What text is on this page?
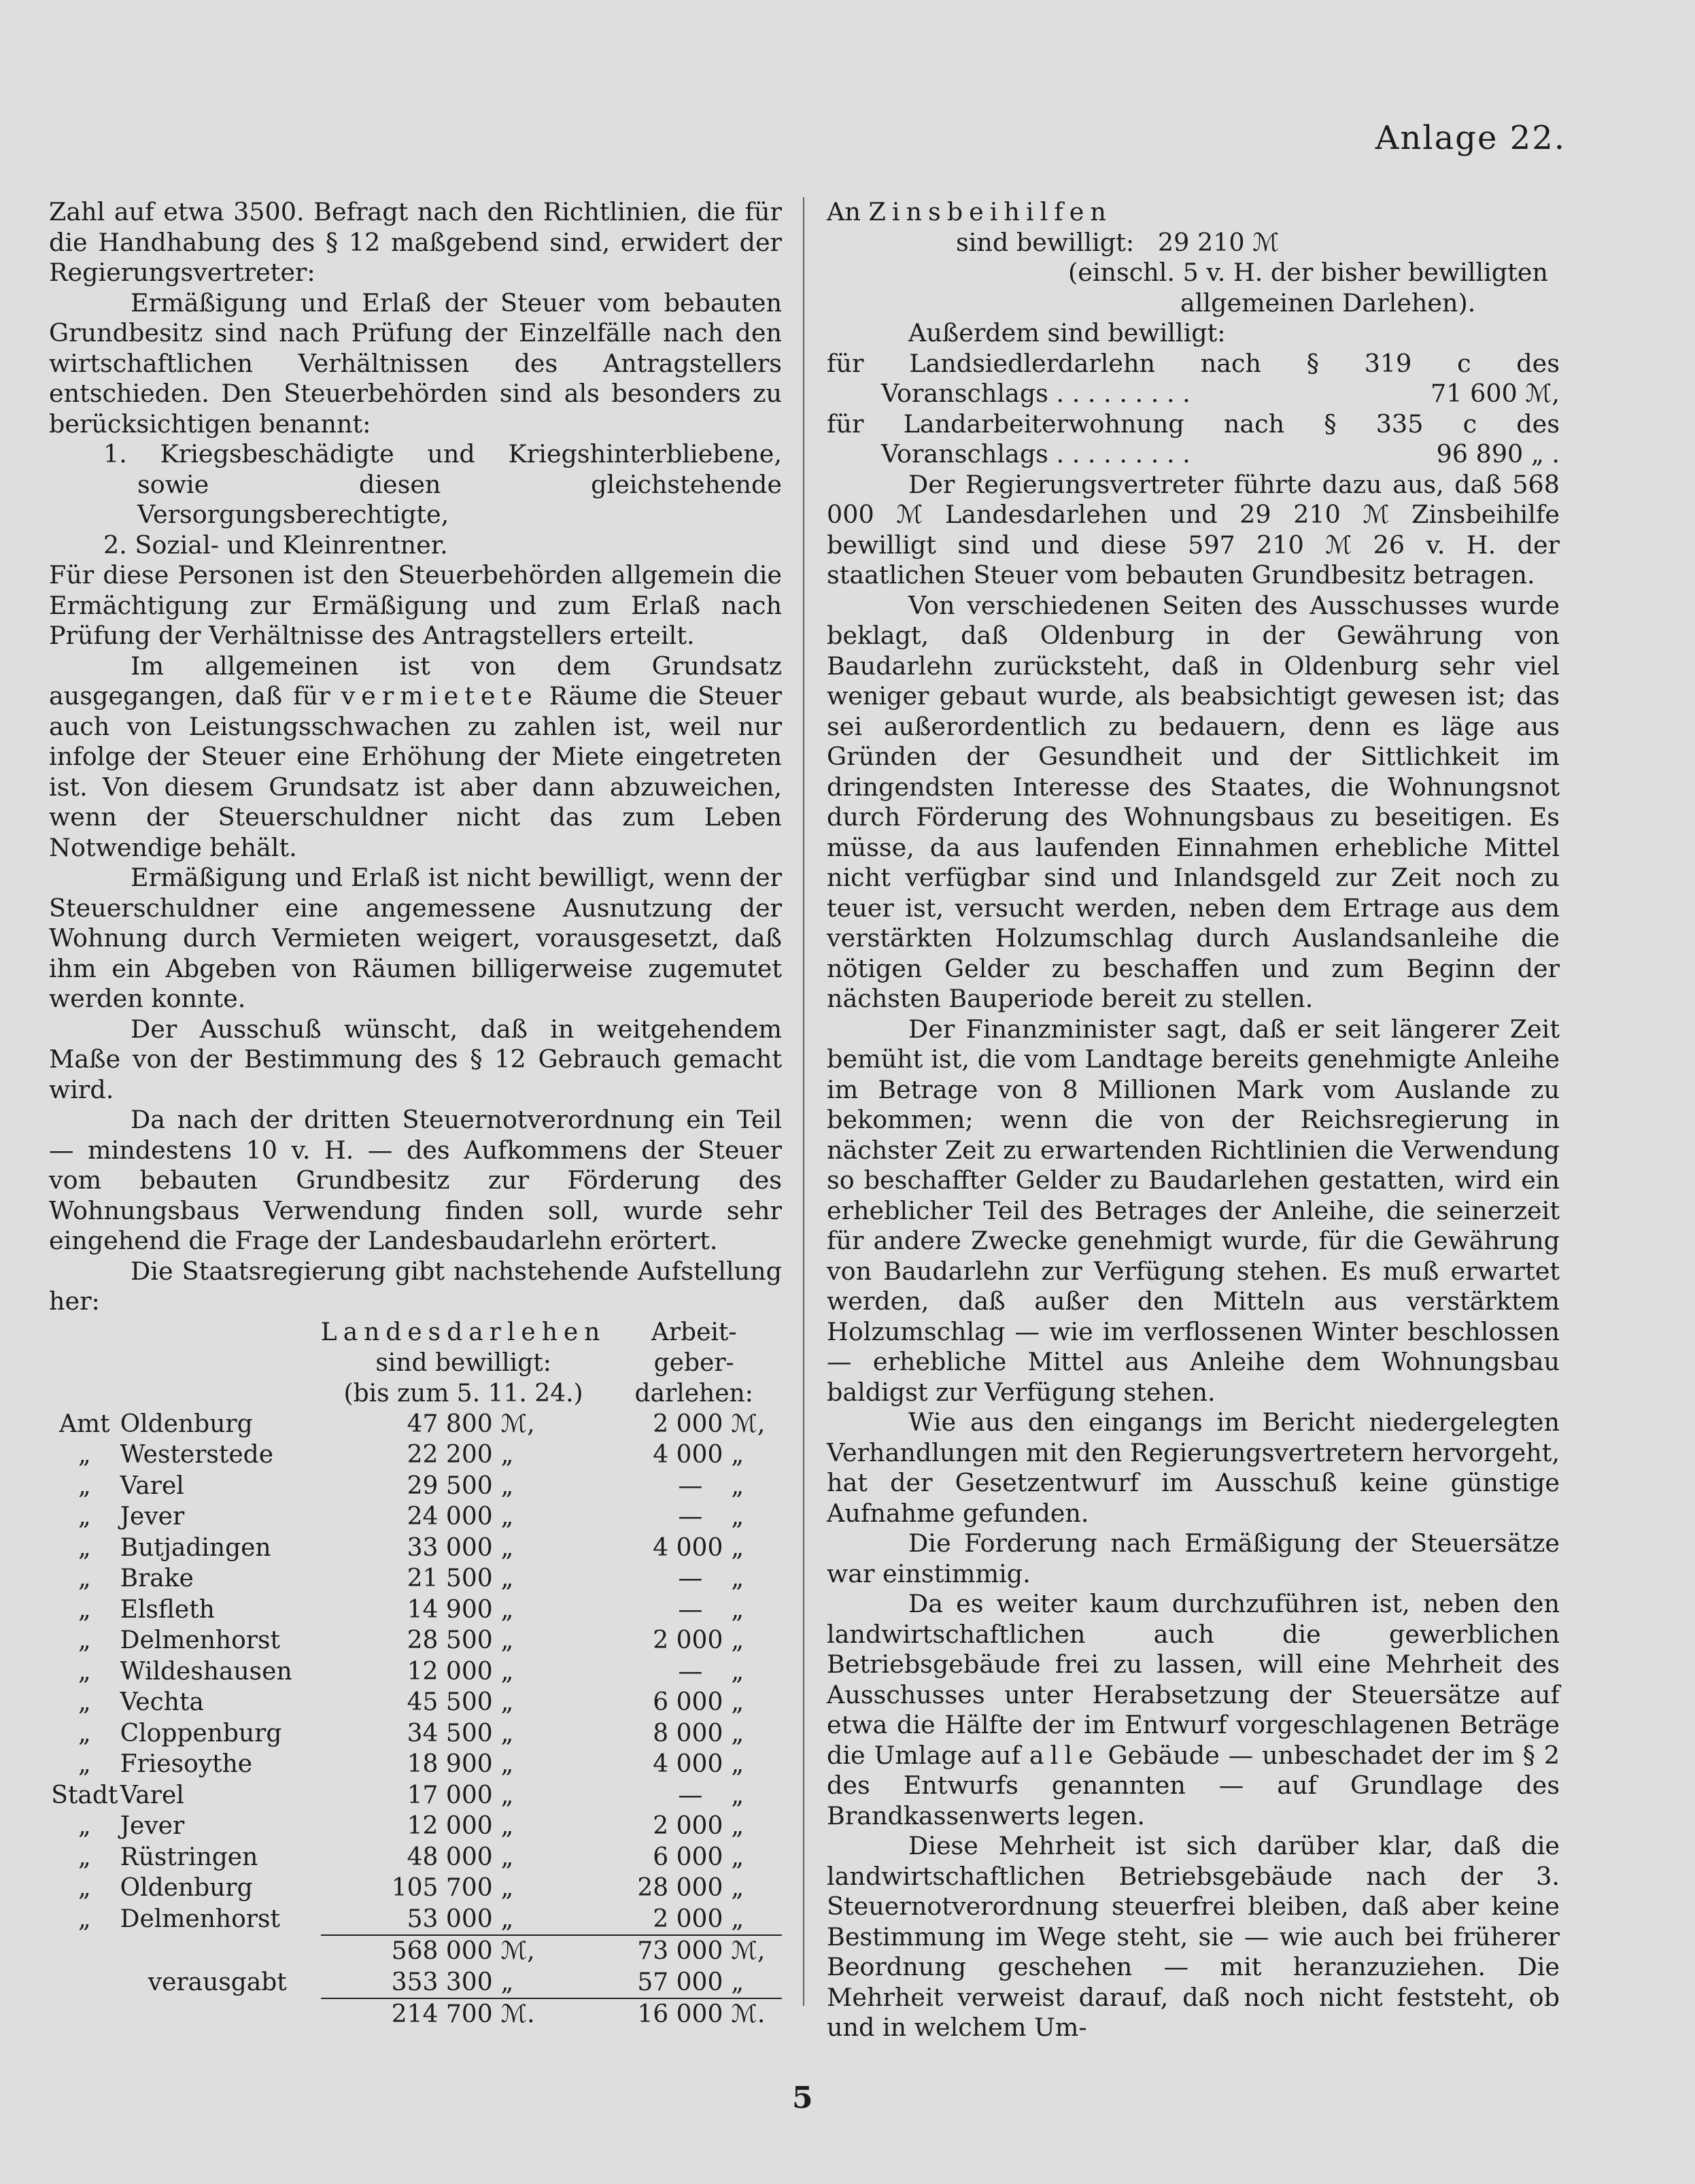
Anlage 22.

Zahl auf etwa 3500. Befragt nach den Richtlinien, die für die Handhabung des § 12 maßgebend sind, erwidert der Regierungsvertreter:

Ermäßigung und Erlaß der Steuer vom bebauten Grundbesitz sind nach Prüfung der Einzelfälle nach den wirtschaftlichen Verhältnissen des Antragstellers entschieden. Den Steuerbehörden sind als besonders zu berücksichtigen benannt:

1. Kriegsbeschädigte und Kriegshinterbliebene, sowie diesen gleichstehende Versorgungsberechtigte,
2. Sozial- und Kleinrentner.

Für diese Personen ist den Steuerbehörden allgemein die Ermächtigung zur Ermäßigung und zum Erlaß nach Prüfung der Verhältnisse des Antragstellers erteilt.

Im allgemeinen ist von dem Grundsatz ausgegangen, daß für vermietete Räume die Steuer auch von Leistungsschwachen zu zahlen ist, weil nur infolge der Steuer eine Erhöhung der Miete eingetreten ist. Von diesem Grundsatz ist aber dann abzuweichen, wenn der Steuerschuldner nicht das zum Leben Notwendige behält.

Ermäßigung und Erlaß ist nicht bewilligt, wenn der Steuerschuldner eine angemessene Ausnutzung der Wohnung durch Vermieten weigert, vorausgesetzt, daß ihm ein Abgeben von Räumen billigerweise zugemutet werden konnte.

Der Ausschuß wünscht, daß in weitgehendem Maße von der Bestimmung des § 12 Gebrauch gemacht wird.

Da nach der dritten Steuernotverordnung ein Teil — mindestens 10 v. H. — des Aufkommens der Steuer vom bebauten Grundbesitz zur Förderung des Wohnungsbaus Verwendung finden soll, wurde sehr eingehend die Frage der Landesbaudarlehn erörtert.

Die Staatsregierung gibt nachstehende Aufstellung her:

		Landesdarlehen		Arbeit-	
		sind bewilligt:		geber-	
		(bis zum 5. 11. 24.)		darlehen:	
Amt	Oldenburg	47 800	ℳ,	2 000	ℳ,
„	Westerstede	22 200	„	4 000	„
„	Varel	29 500	„	—	„
„	Jever	24 000	„	—	„
„	Butjadingen	33 000	„	4 000	„
„	Brake	21 500	„	—	„
„	Elsfleth	14 900	„	—	„
„	Delmenhorst	28 500	„	2 000	„
„	Wildeshausen	12 000	„	—	„
„	Vechta	45 500	„	6 000	„
„	Cloppenburg	34 500	„	8 000	„
„	Friesoythe	18 900	„	4 000	„
Stadt	Varel	17 000	„	—	„
„	Jever	12 000	„	2 000	„
„	Rüstringen	48 000	„	6 000	„
„	Oldenburg	105 700	„	28 000	„
„	Delmenhorst	53 000	„	2 000	„
		568 000	ℳ,	73 000	ℳ,
verausgabt		353 300	„	57 000	„
		214 700	ℳ.	16 000	ℳ.
An Zinsbeihilfen
sind bewilligt:   29 210 ℳ
(einschl. 5 v. H. der bisher bewilligten
allgemeinen Darlehen).
Außerdem sind bewilligt:
für Landsiedlerdarlehn nach § 319 c des
Voranschlags . . . . . . . . .	71 600 ℳ,
für Landarbeiterwohnung nach § 335 c des
Voranschlags . . . . . . . . .	96 890 „ .

Der Regierungsvertreter führte dazu aus, daß 568 000 ℳ Landesdarlehen und 29 210 ℳ Zinsbeihilfe bewilligt sind und diese 597 210 ℳ 26 v. H. der staatlichen Steuer vom bebauten Grundbesitz betragen.

Von verschiedenen Seiten des Ausschusses wurde beklagt, daß Oldenburg in der Gewährung von Baudarlehn zurücksteht, daß in Oldenburg sehr viel weniger gebaut wurde, als beabsichtigt gewesen ist; das sei außerordentlich zu bedauern, denn es läge aus Gründen der Gesundheit und der Sittlichkeit im dringendsten Interesse des Staates, die Wohnungsnot durch Förderung des Wohnungsbaus zu beseitigen. Es müsse, da aus laufenden Einnahmen erhebliche Mittel nicht verfügbar sind und Inlandsgeld zur Zeit noch zu teuer ist, versucht werden, neben dem Ertrage aus dem verstärkten Holzumschlag durch Auslandsanleihe die nötigen Gelder zu beschaffen und zum Beginn der nächsten Bauperiode bereit zu stellen.

Der Finanzminister sagt, daß er seit längerer Zeit bemüht ist, die vom Landtage bereits genehmigte Anleihe im Betrage von 8 Millionen Mark vom Auslande zu bekommen; wenn die von der Reichsregierung in nächster Zeit zu erwartenden Richtlinien die Verwendung so beschaffter Gelder zu Baudarlehen gestatten, wird ein erheblicher Teil des Betrages der Anleihe, die seinerzeit für andere Zwecke genehmigt wurde, für die Gewährung von Baudarlehn zur Verfügung stehen. Es muß erwartet werden, daß außer den Mitteln aus verstärktem Holzumschlag — wie im verflossenen Winter beschlossen — erhebliche Mittel aus Anleihe dem Wohnungsbau baldigst zur Verfügung stehen.

Wie aus den eingangs im Bericht niedergelegten Verhandlungen mit den Regierungsvertretern hervorgeht, hat der Gesetzentwurf im Ausschuß keine günstige Aufnahme gefunden.

Die Forderung nach Ermäßigung der Steuersätze war einstimmig.

Da es weiter kaum durchzuführen ist, neben den landwirtschaftlichen auch die gewerblichen Betriebsgebäude frei zu lassen, will eine Mehrheit des Ausschusses unter Herabsetzung der Steuersätze auf etwa die Hälfte der im Entwurf vorgeschlagenen Beträge die Umlage auf alle Gebäude — unbeschadet der im § 2 des Entwurfs genannten — auf Grundlage des Brandkassenwerts legen.

Diese Mehrheit ist sich darüber klar, daß die landwirtschaftlichen Betriebsgebäude nach der 3. Steuernotverordnung steuerfrei bleiben, daß aber keine Bestimmung im Wege steht, sie — wie auch bei früherer Beordnung geschehen — mit heranzuziehen. Die Mehrheit verweist darauf, daß noch nicht feststeht, ob und in welchem Um-

5
